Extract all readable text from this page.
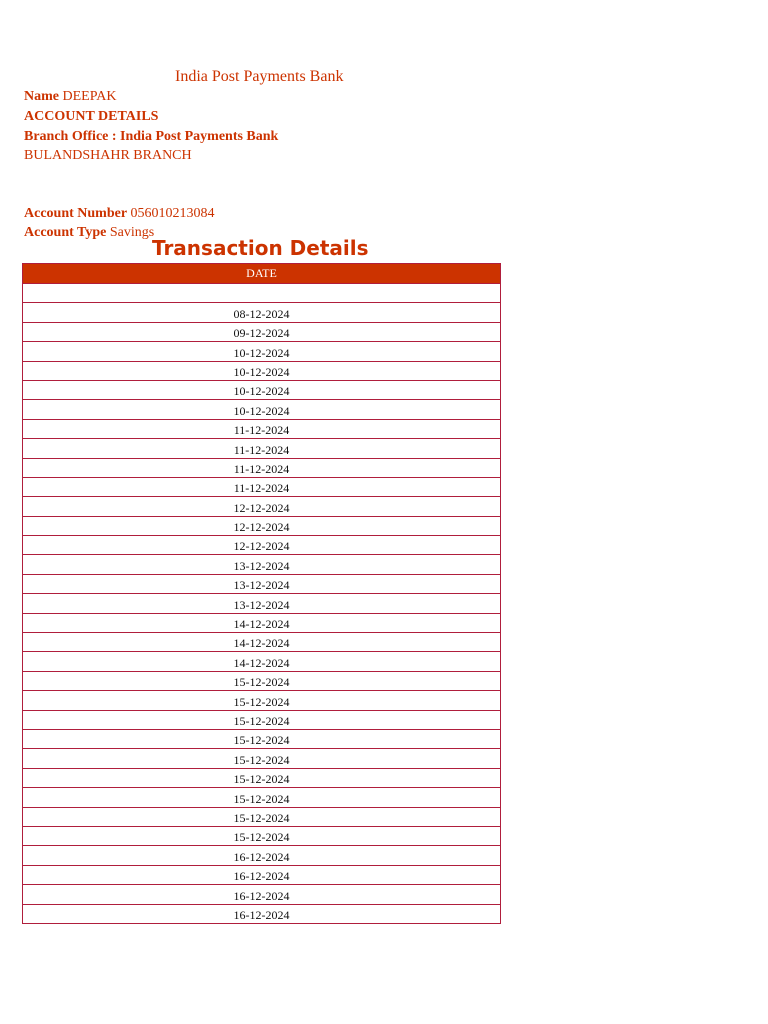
India Post Payments Bank
Name DEEPAK
ACCOUNT DETAILS
Branch Office : India Post Payments Bank
BULANDSHAHR BRANCH
Account Number 056010213084
Account Type Savings
Transaction Details
DATE

08-12-2024
09-12-2024
10-12-2024
10-12-2024
10-12-2024
10-12-2024
11-12-2024
11-12-2024
11-12-2024
11-12-2024
12-12-2024
12-12-2024
12-12-2024
13-12-2024
13-12-2024
13-12-2024
14-12-2024
14-12-2024
14-12-2024
15-12-2024
15-12-2024
15-12-2024
15-12-2024
15-12-2024
15-12-2024
15-12-2024
15-12-2024
15-12-2024
16-12-2024
16-12-2024
16-12-2024
16-12-2024
